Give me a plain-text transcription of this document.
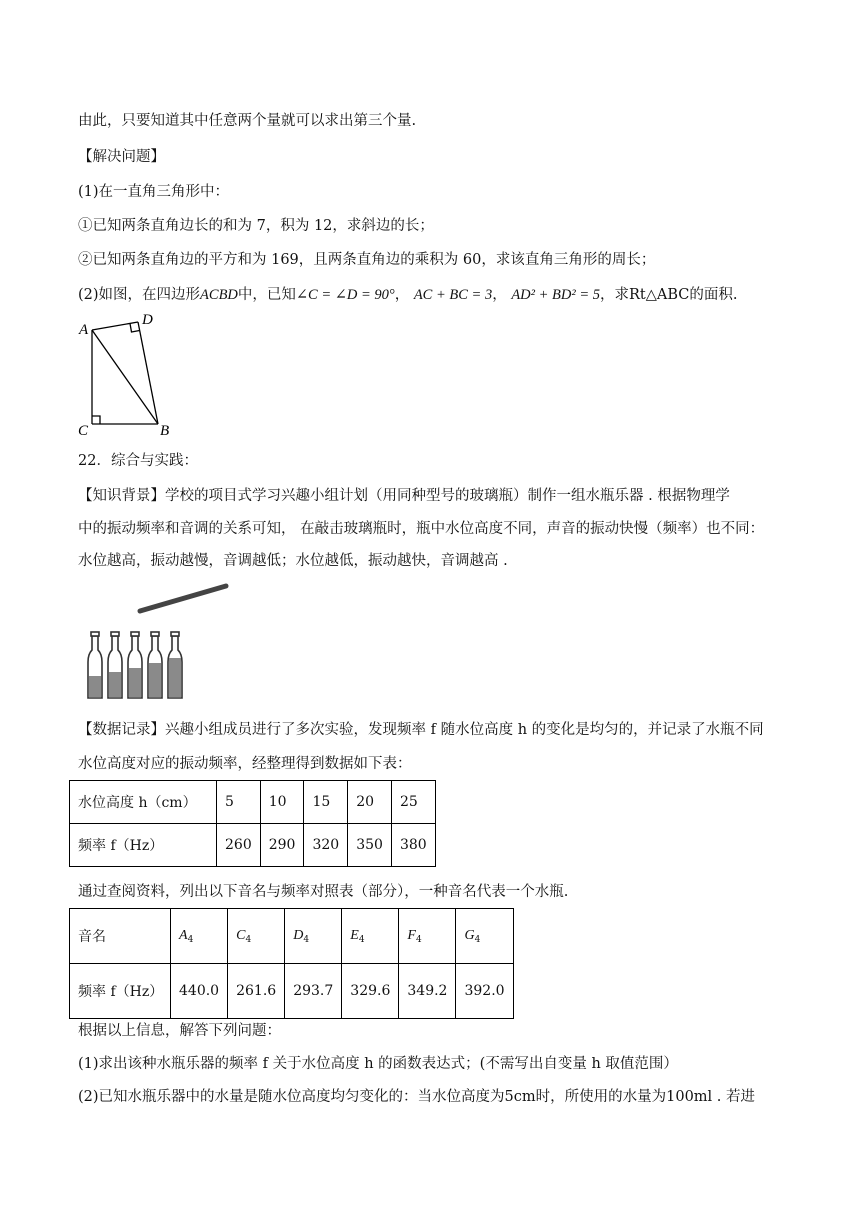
由此，只要知道其中任意两个量就可以求出第三个量.
【解决问题】
(1)在一直角三角形中：
①已知两条直角边长的和为 7，积为 12，求斜边的长；
②已知两条直角边的平方和为 169，且两条直角边的乘积为 60，求该直角三角形的周长；
(2)如图，在四边形ACBD中，已知∠C = ∠D = 90°， AC + BC = 3， AD² + BD² = 5，求Rt△ABC的面积.
A
D
C	B
22．综合与实践：
【知识背景】学校的项目式学习兴趣小组计划（用同种型号的玻璃瓶）制作一组水瓶乐器 . 根据物理学
中的振动频率和音调的关系可知， 在敲击玻璃瓶时，瓶中水位高度不同，声音的振动快慢（频率）也不同：
水位越高，振动越慢，音调越低；水位越低，振动越快，音调越高 .
【数据记录】兴趣小组成员进行了多次实验，发现频率 f 随水位高度 h 的变化是均匀的，并记录了水瓶不同
水位高度对应的振动频率，经整理得到数据如下表：
水位高度 h（cm）	5	10	15	20	25
频率 f（Hz）	260	290	320	350	380
通过查阅资料，列出以下音名与频率对照表（部分），一种音名代表一个水瓶.
音名	$A_4$	$C_4$	$D_4$	$E_4$	$F_4$	$G_4$
频率 f（Hz）	440.0	261.6	293.7	329.6	349.2	392.0
根据以上信息，解答下列问题：
(1)求出该种水瓶乐器的频率 f 关于水位高度 h 的函数表达式；(不需写出自变量 h 取值范围）
(2)已知水瓶乐器中的水量是随水位高度均匀变化的：当水位高度为5cm时，所使用的水量为100ml . 若进
